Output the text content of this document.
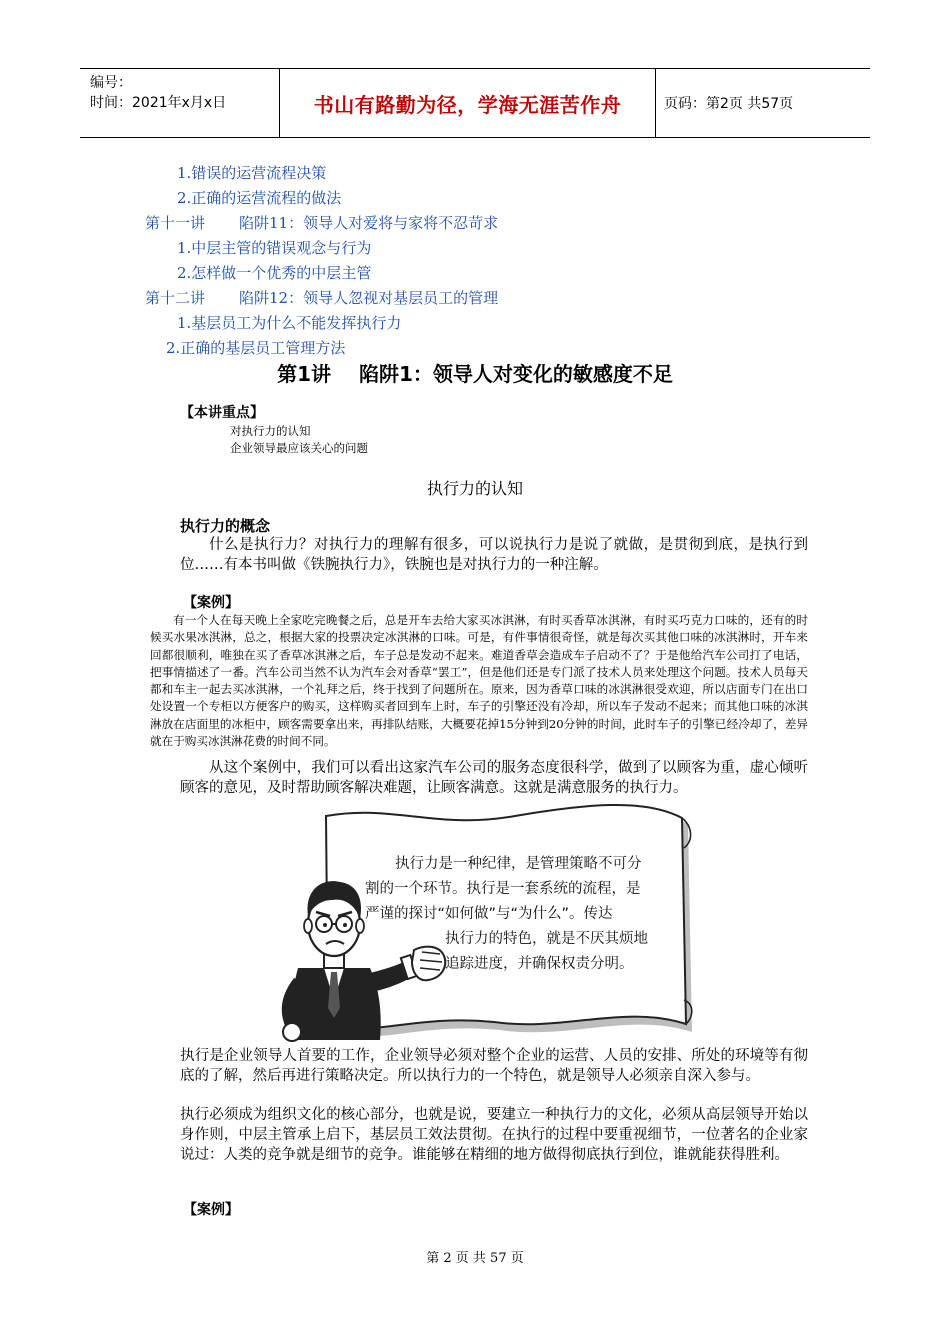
编号：
时间：2021年x月x日	书山有路勤为径，学海无涯苦作舟	页码：第2页 共57页
1.错误的运营流程决策
2.正确的运营流程的做法
第十一讲 陷阱11：领导人对爱将与家将不忍苛求
1.中层主管的错误观念与行为
2.怎样做一个优秀的中层主管
第十二讲 陷阱12：领导人忽视对基层员工的管理
1.基层员工为什么不能发挥执行力
2.正确的基层员工管理方法
第1讲 陷阱1：领导人对变化的敏感度不足
【本讲重点】
对执行力的认知
企业领导最应该关心的问题
执行力的认知
执行力的概念
什么是执行力？对执行力的理解有很多，可以说执行力是说了就做，是贯彻到底，是执行到位……有本书叫做《铁腕执行力》，铁腕也是对执行力的一种注解。
【案例】
有一个人在每天晚上全家吃完晚餐之后，总是开车去给大家买冰淇淋，有时买香草冰淇淋，有时买巧克力口味的，还有的时候买水果冰淇淋，总之，根据大家的投票决定冰淇淋的口味。可是，有件事情很奇怪，就是每次买其他口味的冰淇淋时，开车来回都很顺利，唯独在买了香草冰淇淋之后，车子总是发动不起来。难道香草会造成车子启动不了？于是他给汽车公司打了电话，把事情描述了一番。汽车公司当然不认为汽车会对香草“罢工”，但是他们还是专门派了技术人员来处理这个问题。技术人员每天都和车主一起去买冰淇淋，一个礼拜之后，终于找到了问题所在。原来，因为香草口味的冰淇淋很受欢迎，所以店面专门在出口处设置一个专柜以方便客户的购买，这样购买者回到车上时，车子的引擎还没有冷却，所以车子发动不起来；而其他口味的冰淇淋放在店面里的冰柜中，顾客需要拿出来，再排队结账，大概要花掉15分钟到20分钟的时间，此时车子的引擎已经冷却了，差异就在于购买冰淇淋花费的时间不同。
从这个案例中，我们可以看出这家汽车公司的服务态度很科学，做到了以顾客为重，虚心倾听顾客的意见，及时帮助顾客解决难题，让顾客满意。这就是满意服务的执行力。
执行力是一种纪律，是管理策略不可分
割的一个环节。执行是一套系统的流程，是
严谨的探讨“如何做”与“为什么”。传达
执行力的特色，就是不厌其烦地
追踪进度，并确保权责分明。
执行是企业领导人首要的工作，企业领导必须对整个企业的运营、人员的安排、所处的环境等有彻底的了解，然后再进行策略决定。所以执行力的一个特色，就是领导人必须亲自深入参与。
执行必须成为组织文化的核心部分，也就是说，要建立一种执行力的文化，必须从高层领导开始以身作则，中层主管承上启下，基层员工效法贯彻。在执行的过程中要重视细节，一位著名的企业家说过：人类的竞争就是细节的竞争。谁能够在精细的地方做得彻底执行到位，谁就能获得胜利。
【案例】
第 2 页 共 57 页
